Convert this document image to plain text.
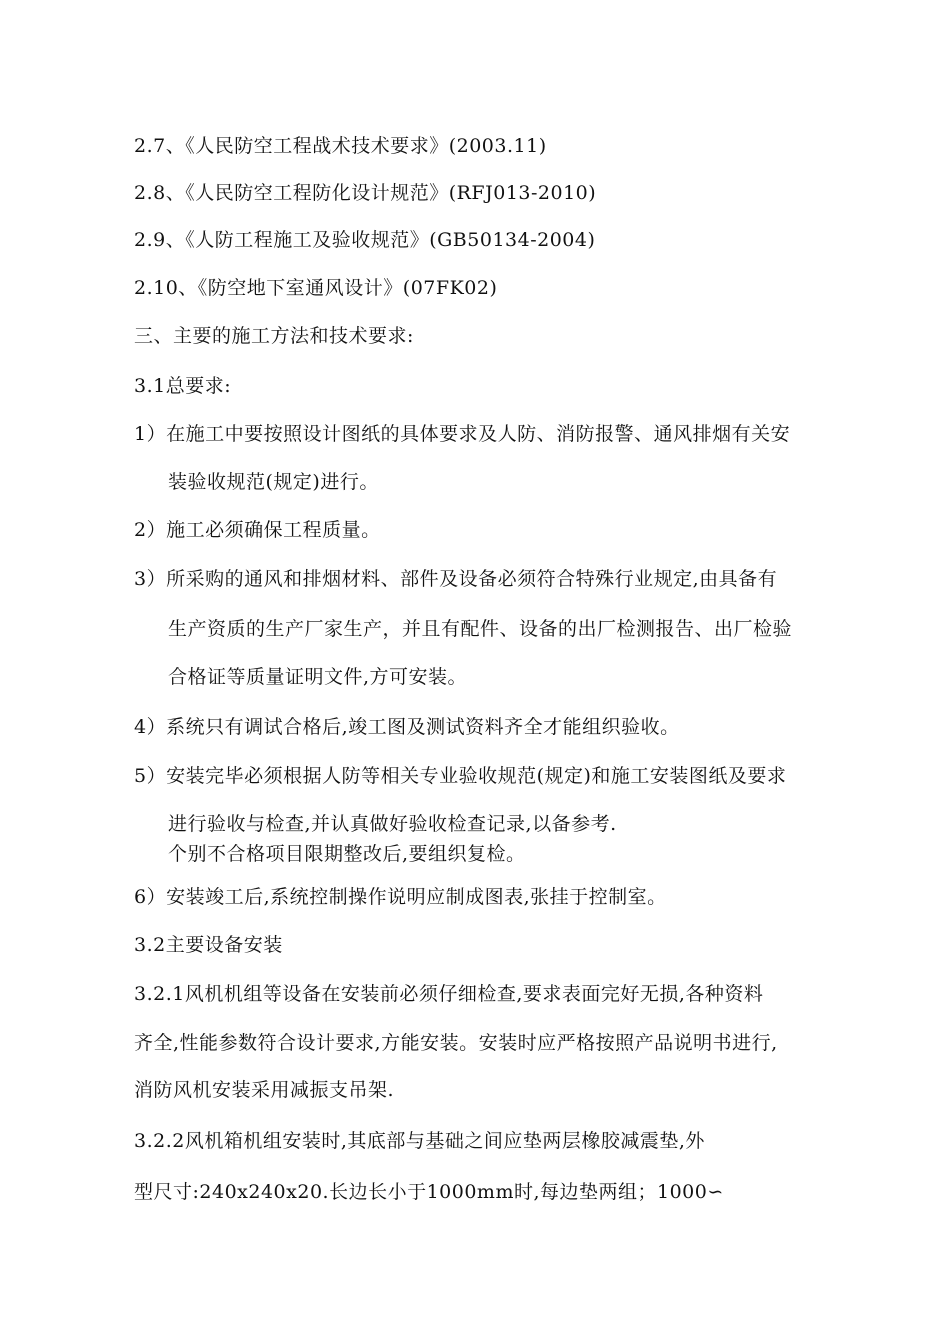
2.7、《人民防空工程战术技术要求》(2003.11)
2.8、《人民防空工程防化设计规范》(RFJ013-2010)
2.9、《人防工程施工及验收规范》(GB50134-2004)
2.10、《防空地下室通风设计》(07FK02)
三、主要的施工方法和技术要求:
3.1总要求:
1）在施工中要按照设计图纸的具体要求及人防、消防报警、通风排烟有关安
装验收规范(规定)进行。
2）施工必须确保工程质量。
3）所采购的通风和排烟材料、部件及设备必须符合特殊行业规定,由具备有
生产资质的生产厂家生产，并且有配件、设备的出厂检测报告、出厂检验
合格证等质量证明文件,方可安装。
4）系统只有调试合格后,竣工图及测试资料齐全才能组织验收。
5）安装完毕必须根据人防等相关专业验收规范(规定)和施工安装图纸及要求
进行验收与检查,并认真做好验收检查记录,以备参考.
个别不合格项目限期整改后,要组织复检。
6）安装竣工后,系统控制操作说明应制成图表,张挂于控制室。
3.2主要设备安装
3.2.1风机机组等设备在安装前必须仔细检查,要求表面完好无损,各种资料
齐全,性能参数符合设计要求,方能安装。安装时应严格按照产品说明书进行,
消防风机安装采用减振支吊架.
3.2.2风机箱机组安装时,其底部与基础之间应垫两层橡胶减震垫,外
型尺寸:240x240x20.长边长小于1000mm时,每边垫两组；1000∽
